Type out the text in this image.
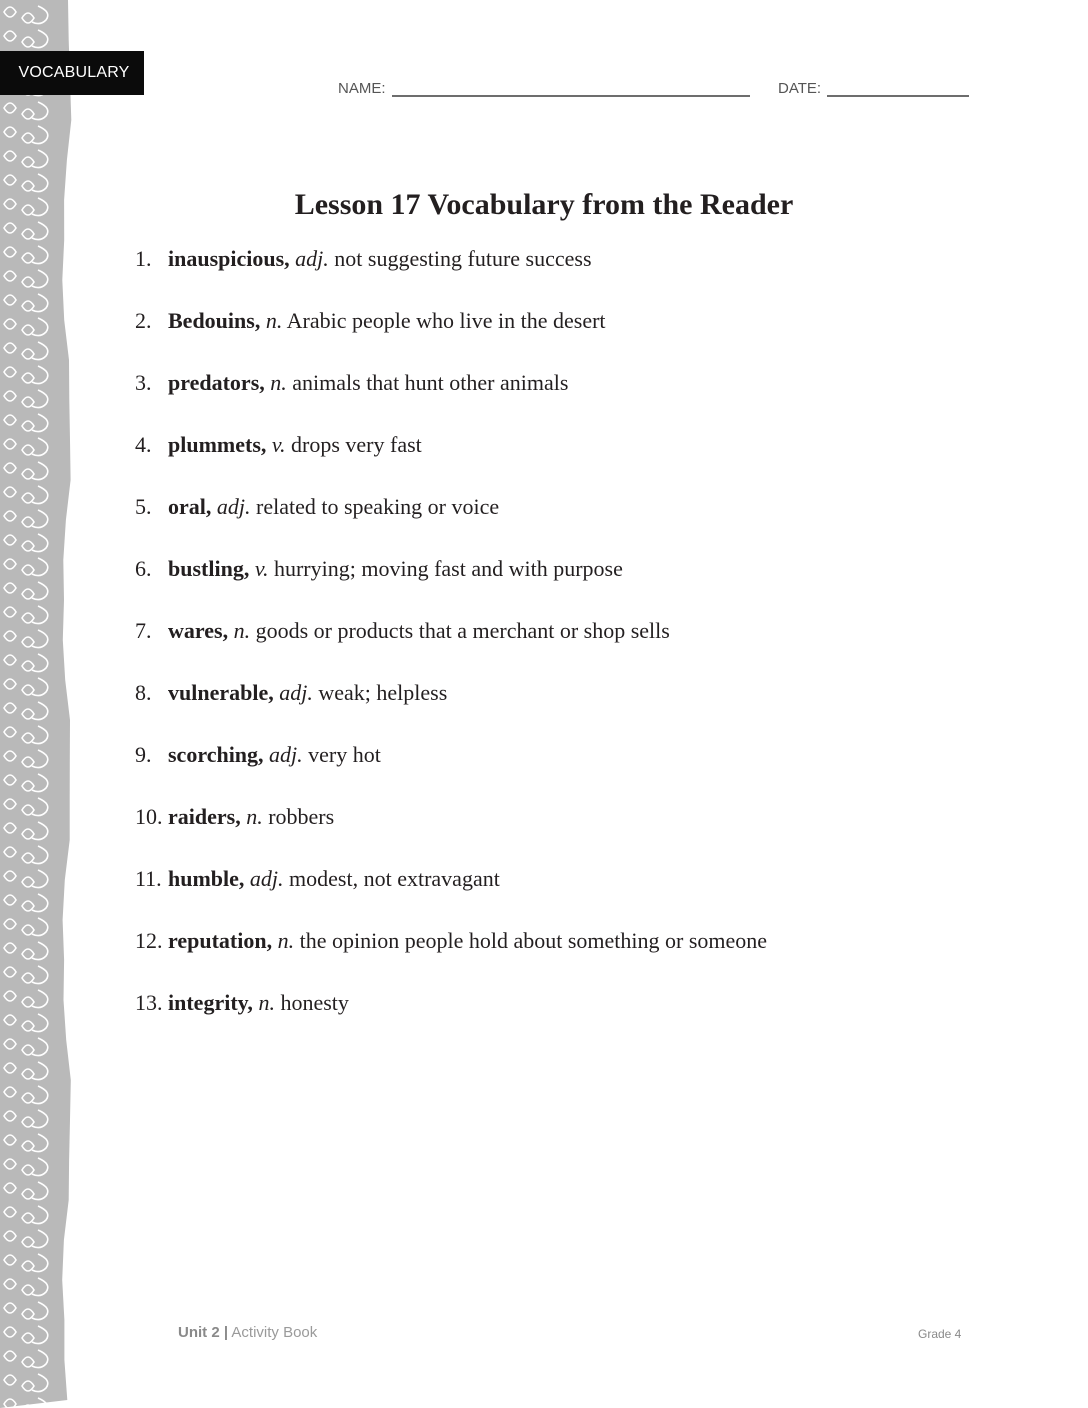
VOCABULARY
NAME:	DATE:
Lesson 17 Vocabulary from the Reader
1. inauspicious, adj. not suggesting future success
2. Bedouins, n. Arabic people who live in the desert
3. predators, n. animals that hunt other animals
4. plummets, v. drops very fast
5. oral, adj. related to speaking or voice
6. bustling, v. hurrying; moving fast and with purpose
7. wares, n. goods or products that a merchant or shop sells
8. vulnerable, adj. weak; helpless
9. scorching, adj. very hot
10. raiders, n. robbers
11. humble, adj. modest, not extravagant
12. reputation, n. the opinion people hold about something or someone
13. integrity, n. honesty
Unit 2 | Activity Book	Grade 4
